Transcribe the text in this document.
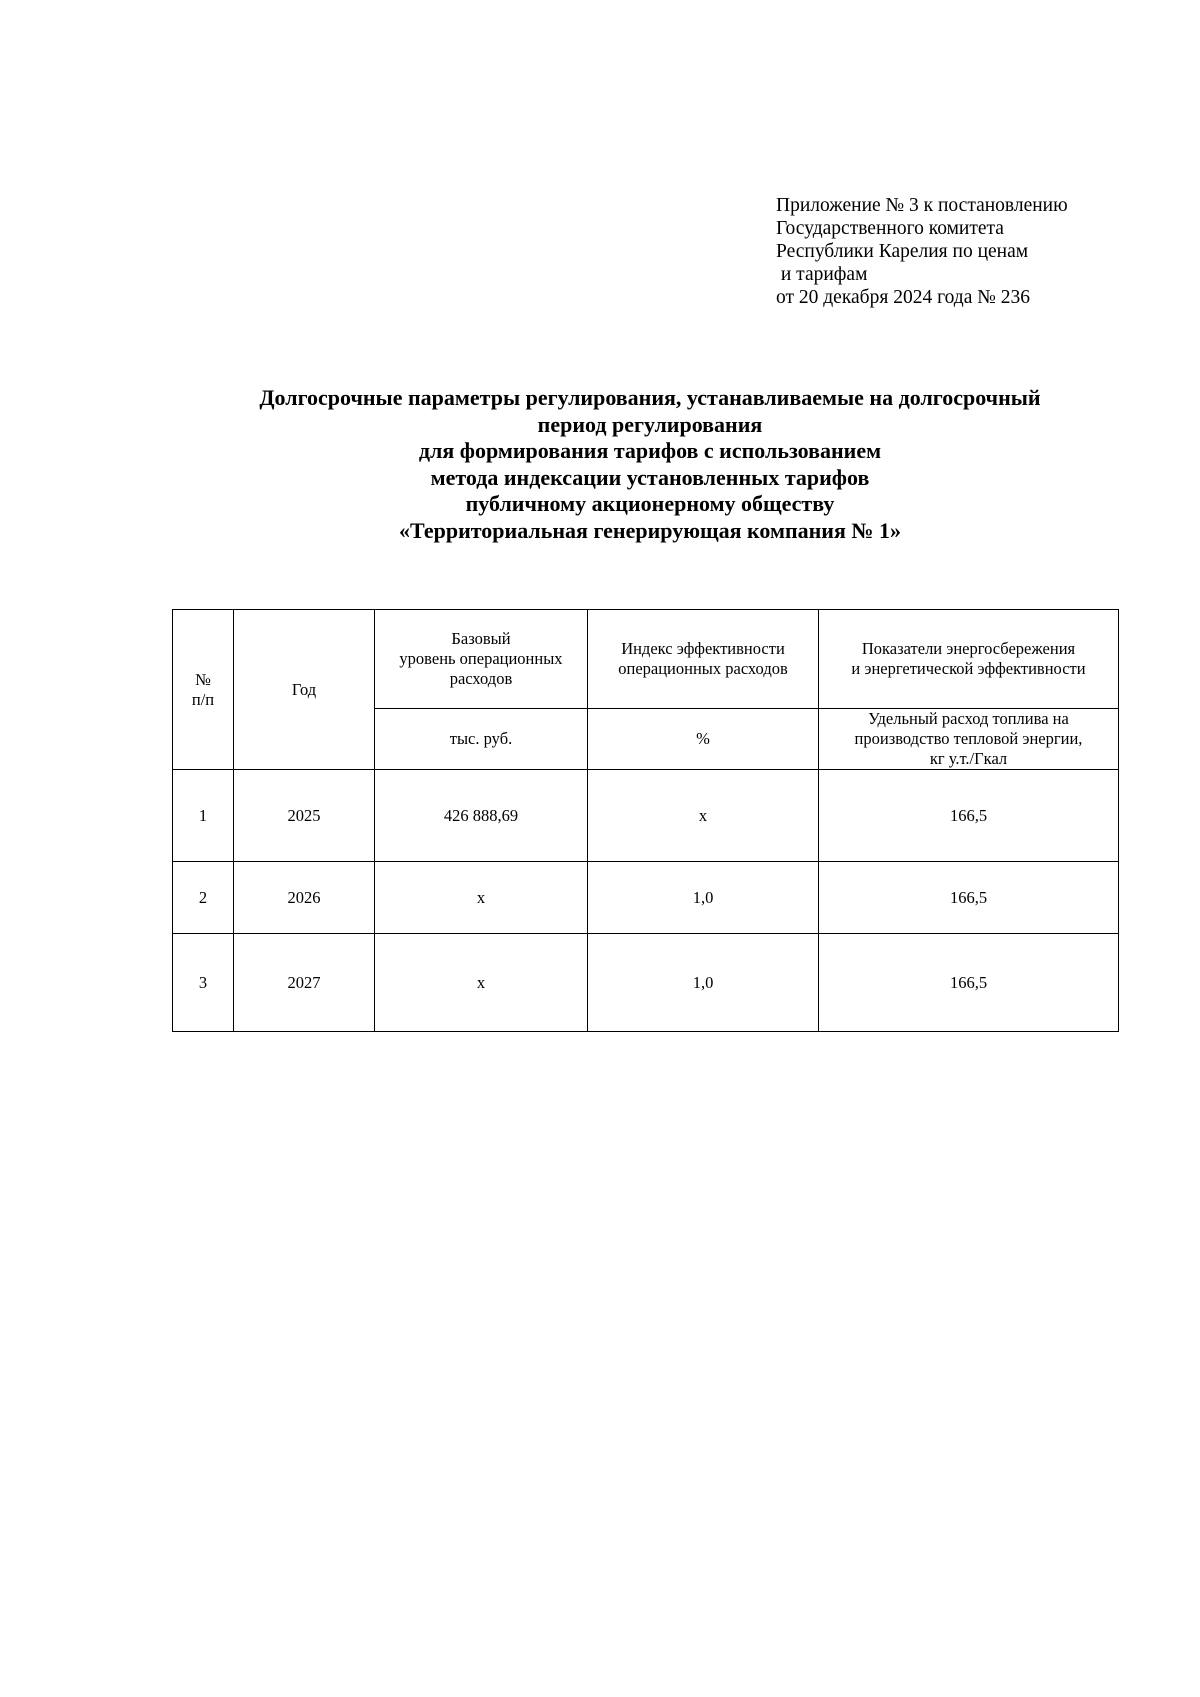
Приложение № 3 к постановлению
Государственного комитета
Республики Карелия по ценам
и тарифам
от 20 декабря 2024 года № 236
Долгосрочные параметры регулирования, устанавливаемые на долгосрочный
период регулирования
для формирования тарифов с использованием
метода индексации установленных тарифов
публичному акционерному обществу
«Территориальная генерирующая компания № 1»
№
п/п	Год	Базовый
уровень операционных
расходов	Индекс эффективности
операционных расходов	Показатели энергосбережения
и энергетической эффективности

		тыс. руб.	%	Удельный расход топлива на
производство тепловой энергии,
кг у.т./Гкал

1	2025	426 888,69	х	166,5
2	2026	х	1,0	166,5
3	2027	х	1,0	166,5
